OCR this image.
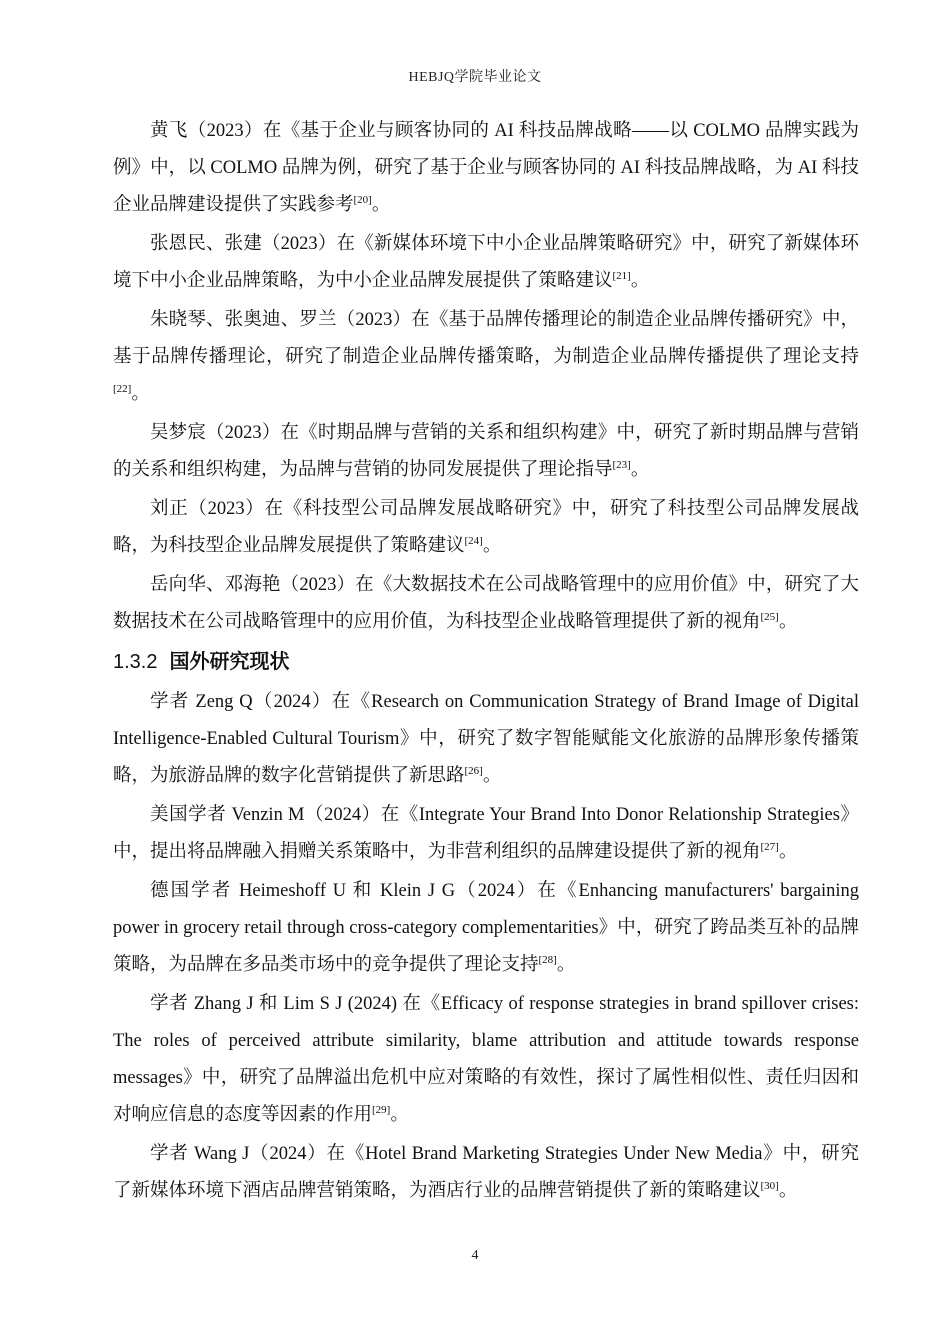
HEBJQ学院毕业论文

黄飞（2023）在《基于企业与顾客协同的 AI 科技品牌战略——以 COLMO 品牌实践为例》中，以 COLMO 品牌为例，研究了基于企业与顾客协同的 AI 科技品牌战略，为 AI 科技企业品牌建设提供了实践参考[20]。

张恩民、张建（2023）在《新媒体环境下中小企业品牌策略研究》中，研究了新媒体环境下中小企业品牌策略，为中小企业品牌发展提供了策略建议[21]。

朱晓琴、张奥迪、罗兰（2023）在《基于品牌传播理论的制造企业品牌传播研究》中，基于品牌传播理论，研究了制造企业品牌传播策略，为制造企业品牌传播提供了理论支持[22]。

吴梦宸（2023）在《时期品牌与营销的关系和组织构建》中，研究了新时期品牌与营销的关系和组织构建，为品牌与营销的协同发展提供了理论指导[23]。

刘正（2023）在《科技型公司品牌发展战略研究》中，研究了科技型公司品牌发展战略，为科技型企业品牌发展提供了策略建议[24]。

岳向华、邓海艳（2023）在《大数据技术在公司战略管理中的应用价值》中，研究了大数据技术在公司战略管理中的应用价值，为科技型企业战略管理提供了新的视角[25]。

1.3.2 国外研究现状

学者 Zeng Q（2024）在《Research on Communication Strategy of Brand Image of Digital Intelligence-Enabled Cultural Tourism》中，研究了数字智能赋能文化旅游的品牌形象传播策略，为旅游品牌的数字化营销提供了新思路[26]。

美国学者 Venzin M（2024）在《Integrate Your Brand Into Donor Relationship Strategies》中，提出将品牌融入捐赠关系策略中，为非营利组织的品牌建设提供了新的视角[27]。

德国学者 Heimeshoff U 和 Klein J G（2024）在《Enhancing manufacturers' bargaining power in grocery retail through cross-category complementarities》中，研究了跨品类互补的品牌策略，为品牌在多品类市场中的竞争提供了理论支持[28]。

学者 Zhang J 和 Lim S J (2024) 在《Efficacy of response strategies in brand spillover crises: The roles of perceived attribute similarity, blame attribution and attitude towards response messages》中，研究了品牌溢出危机中应对策略的有效性，探讨了属性相似性、责任归因和对响应信息的态度等因素的作用[29]。

学者 Wang J（2024）在《Hotel Brand Marketing Strategies Under New Media》中，研究了新媒体环境下酒店品牌营销策略，为酒店行业的品牌营销提供了新的策略建议[30]。

4
